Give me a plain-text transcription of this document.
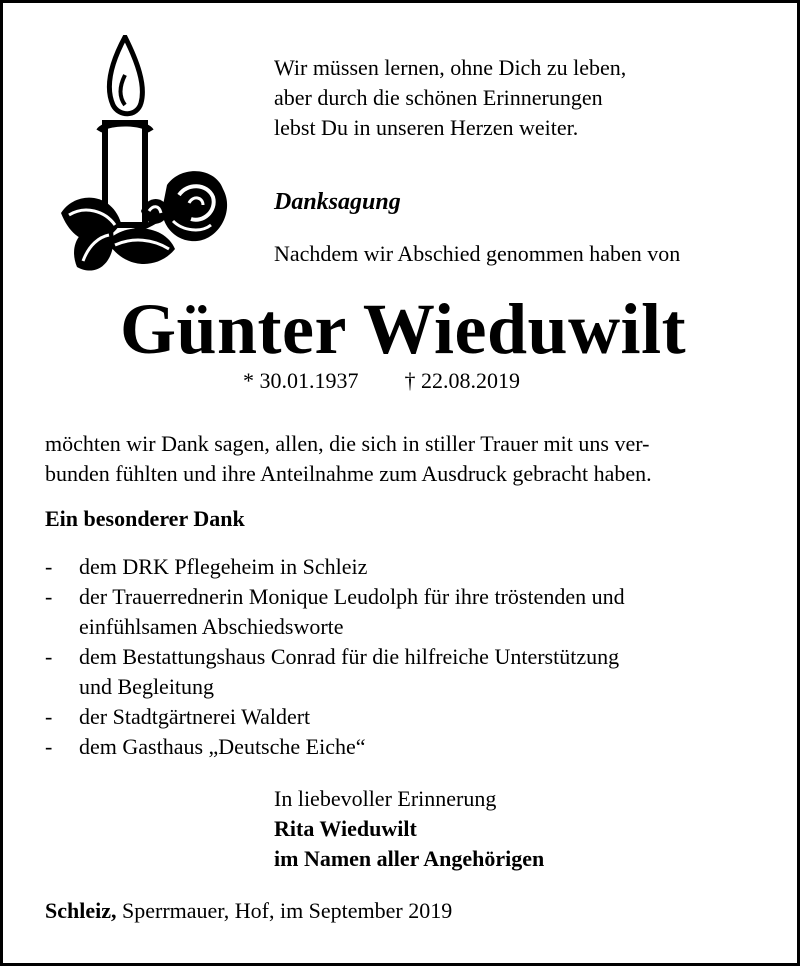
Wir müssen lernen, ohne Dich zu leben,
aber durch die schönen Erinnerungen
lebst Du in unseren Herzen weiter.
Danksagung
Nachdem wir Abschied genommen haben von
Günter Wieduwilt
* 30.01.1937 † 22.08.2019
möchten wir Dank sagen, allen, die sich in stiller Trauer mit uns ver-
bunden fühlten und ihre Anteilnahme zum Ausdruck gebracht haben.
Ein besonderer Dank
- dem DRK Pflegeheim in Schleiz
- der Trauerrednerin Monique Leudolph für ihre tröstenden und
einfühlsamen Abschiedsworte
- dem Bestattungshaus Conrad für die hilfreiche Unterstützung
und Begleitung
- der Stadtgärtnerei Waldert
- dem Gasthaus „Deutsche Eiche“
In liebevoller Erinnerung
Rita Wieduwilt
im Namen aller Angehörigen
Schleiz, Sperrmauer, Hof, im September 2019
